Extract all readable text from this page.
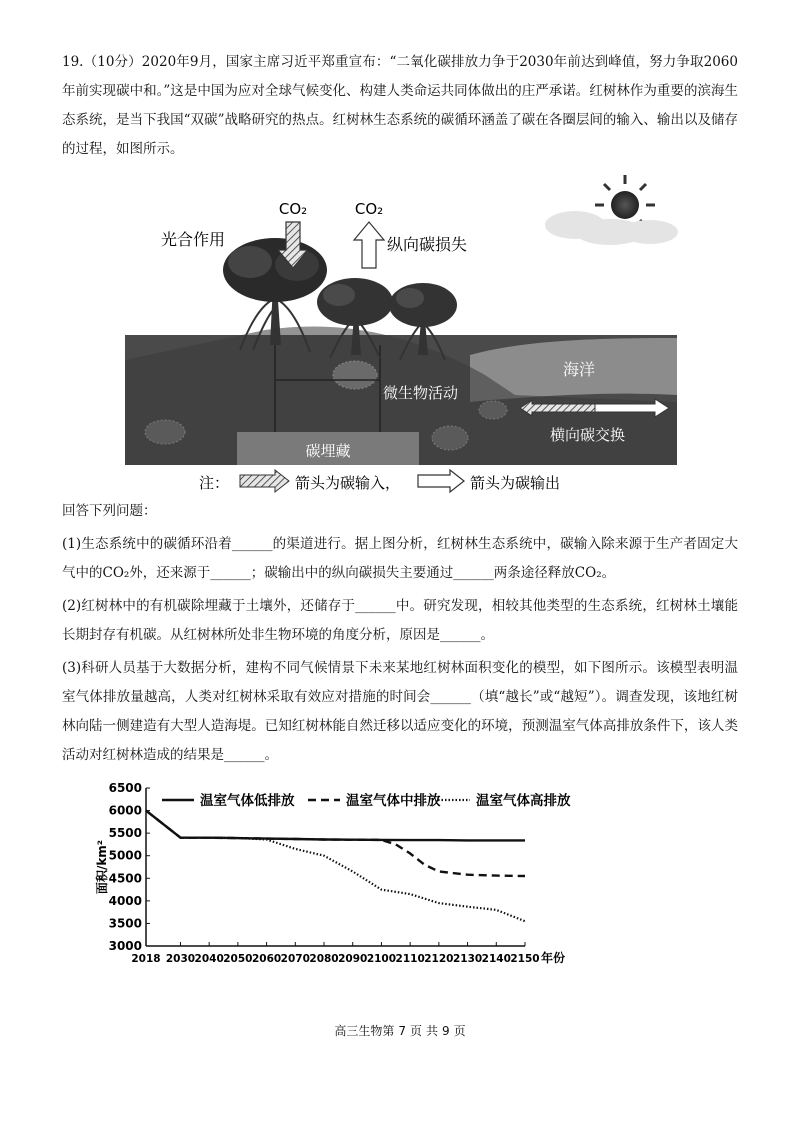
19.（10分）2020年9月，国家主席习近平郑重宣布：“二氧化碳排放力争于2030年前达到峰值，努力争取2060年前实现碳中和。”这是中国为应对全球气候变化、构建人类命运共同体做出的庄严承诺。红树林作为重要的滨海生态系统，是当下我国“双碳”战略研究的热点。红树林生态系统的碳循环涵盖了碳在各圈层间的输入、输出以及储存的过程，如图所示。
碳埋藏
CO₂
光合作用
CO₂
纵向碳损失
海洋
微生物活动
横向碳交换
注：	箭头为碳输入，	箭头为碳输出
回答下列问题：
(1)生态系统中的碳循环沿着______的渠道进行。据上图分析，红树林生态系统中，碳输入除来源于生产者固定大气中的CO₂外，还来源于______；碳输出中的纵向碳损失主要通过______两条途径释放CO₂。
(2)红树林中的有机碳除埋藏于土壤外，还储存于______中。研究发现，相较其他类型的生态系统，红树林土壤能长期封存有机碳。从红树林所处非生物环境的角度分析，原因是______。
(3)科研人员基于大数据分析，建构不同气候情景下未来某地红树林面积变化的模型，如下图所示。该模型表明温室气体排放量越高，人类对红树林采取有效应对措施的时间会______（填“越长”或“越短”）。调查发现，该地红树林向陆一侧建造有大型人造海堤。已知红树林能自然迁移以适应变化的环境，预测温室气体高排放条件下，该人类活动对红树林造成的结果是______。
3000
3500
4000
4500
5000
5500
6000
6500
2018 2030 2040 2050 2060 2070 2080 2090 2100 2110 2120 2130 2140 2150 年份
面积/km²
温室气体低排放	温室气体中排放	温室气体高排放
高三生物第 7 页 共 9 页
